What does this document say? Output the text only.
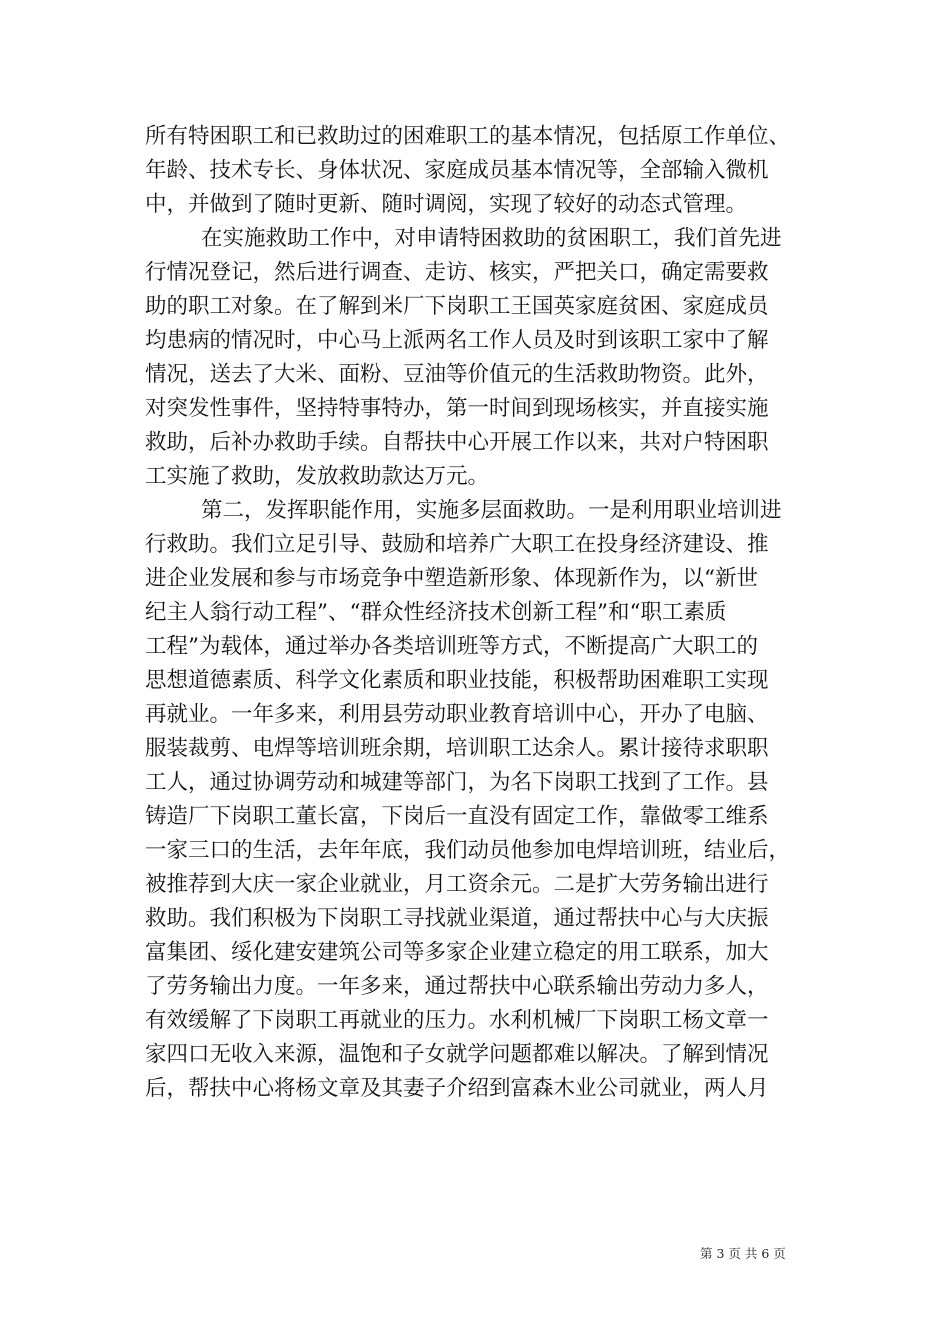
所有特困职工和已救助过的困难职工的基本情况，包括原工作单位、

年龄、技术专长、身体状况、家庭成员基本情况等，全部输入微机

中，并做到了随时更新、随时调阅，实现了较好的动态式管理。

在实施救助工作中，对申请特困救助的贫困职工，我们首先进

行情况登记，然后进行调查、走访、核实，严把关口，确定需要救

助的职工对象。在了解到米厂下岗职工王国英家庭贫困、家庭成员

均患病的情况时，中心马上派两名工作人员及时到该职工家中了解

情况，送去了大米、面粉、豆油等价值元的生活救助物资。此外，

对突发性事件，坚持特事特办，第一时间到现场核实，并直接实施

救助，后补办救助手续。自帮扶中心开展工作以来，共对户特困职

工实施了救助，发放救助款达万元。

第二，发挥职能作用，实施多层面救助。一是利用职业培训进

行救助。我们立足引导、鼓励和培养广大职工在投身经济建设、推

进企业发展和参与市场竞争中塑造新形象、体现新作为，以“新世

纪主人翁行动工程”、“群众性经济技术创新工程”和“职工素质

工程”为载体，通过举办各类培训班等方式，不断提高广大职工的

思想道德素质、科学文化素质和职业技能，积极帮助困难职工实现

再就业。一年多来，利用县劳动职业教育培训中心，开办了电脑、

服装裁剪、电焊等培训班余期，培训职工达余人。累计接待求职职

工人，通过协调劳动和城建等部门，为名下岗职工找到了工作。县

铸造厂下岗职工董长富，下岗后一直没有固定工作，靠做零工维系

一家三口的生活，去年年底，我们动员他参加电焊培训班，结业后，

被推荐到大庆一家企业就业，月工资余元。二是扩大劳务输出进行

救助。我们积极为下岗职工寻找就业渠道，通过帮扶中心与大庆振

富集团、绥化建安建筑公司等多家企业建立稳定的用工联系，加大

了劳务输出力度。一年多来，通过帮扶中心联系输出劳动力多人，

有效缓解了下岗职工再就业的压力。水利机械厂下岗职工杨文章一

家四口无收入来源，温饱和子女就学问题都难以解决。了解到情况

后，帮扶中心将杨文章及其妻子介绍到富森木业公司就业，两人月

第 3 页 共 6 页
